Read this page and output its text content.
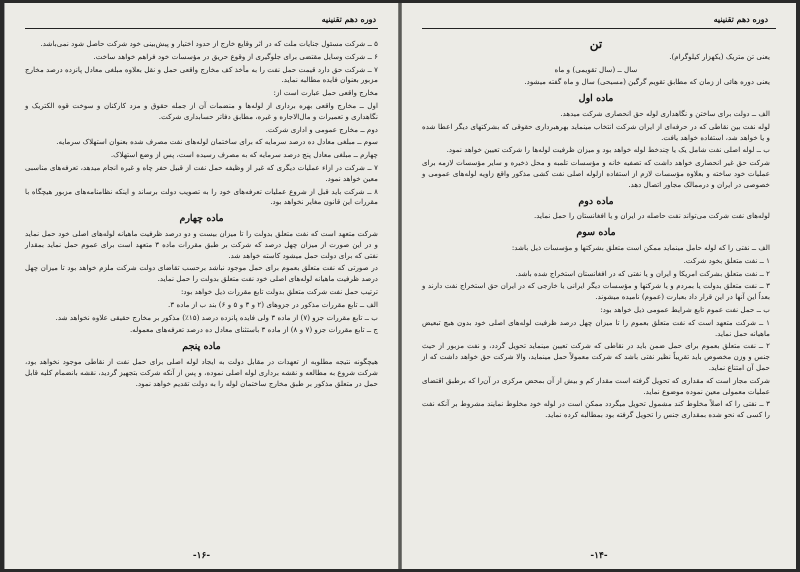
دوره دهم تقنینیه

۵ ــ شرکت مسئول جنایات ملت که در اثر وقایع خارج از حدود اختیار و پیش‌بینی خود شرکت حاصل شود نمی‌باشد.

۶ ــ شرکت وسایل مقتضی برای جلوگیری از وقوع حریق در مؤسسات خود فراهم خواهد ساخت.

۷ ــ شرکت حق دارد قیمت حمل نفت را به مأخذ کف مخارج واقعی حمل و نقل بعلاوه مبلغی معادل پانزده درصد مخارج مزبور بعنوان فایده مطالبه نماید.

مخارج واقعی حمل عبارت است از:

اول ــ مخارج واقعی بهره برداری از لوله‌ها و منضمات آن از جمله حقوق و مزد کارکنان و سوخت قوه الکتریک و نگاهداری و تعمیرات و مال‌الاجاره و غیره، مطابق دفاتر حسابداری شرکت.

دوم ــ مخارج عمومی و اداری شرکت.

سوم ــ مبلغی معادل ده درصد سرمایه که برای ساختمان لوله‌های نفت مصرف شده بعنوان استهلاک سرمایه.

چهارم ــ مبلغی معادل پنج درصد سرمایه که به مصرف رسیده است، پس از وضع استهلاک.

۷ ــ شرکت در ازاء عملیات دیگری که غیر از وظیفه حمل نفت از قبیل حفر چاه و غیره انجام میدهد، تعرفه‌های مناسبی معین خواهد نمود.

۸ ــ شرکت باید قبل از شروع عملیات تعرفه‌های خود را به تصویب دولت برساند و اینکه نظامنامه‌های مزبور هیچگاه با مقررات این قانون مغایر نخواهد بود.

ماده چهارم

شرکت متعهد است که نفت متعلق بدولت را تا میزان بیست و دو درصد ظرفیت ماهیانه لوله‌های اصلی خود حمل نماید و در این صورت از میزان چهل درصد که شرکت بر طبق مقررات ماده ۳ متعهد است برای عموم حمل نماید بمقدار نفتی که برای دولت حمل میشود کاسته خواهد شد.

در صورتی که نفت متعلق بعموم برای حمل موجود نباشد برحسب تقاضای دولت شرکت ملزم خواهد بود تا میزان چهل درصد ظرفیت ماهیانه لوله‌های اصلی خود نفت متعلق بدولت را حمل نماید.

ترتیب حمل نفت شرکت متعلق بدولت تابع مقررات ذیل خواهد بود:

الف ــ تابع مقررات مذکور در جزوهای (۲ و ۳ و ۵ و ۶) بند ب از ماده ۳.

ب ــ تابع مقررات جزو (۷) از ماده ۳ ولی فایده پانزده درصد (۱۵٪) مذکور بر مخارج حقیقی علاوه نخواهد شد.

ج ــ تابع مقررات جزو (۷ و ۸) از ماده ۳ باستثنای معادل ده درصد تعرفه‌های معموله.

ماده پنجم

هیچگونه نتیجه مطلوبه از تعهدات در مقابل دولت به ایجاد لوله اصلی برای حمل نفت از نقاطی موجود نخواهد بود، شرکت شروع به مطالعه و نقشه برداری لوله اصلی نموده، و پس از آنکه شرکت بتجهیز گردید، نقشه بانضمام کلیه قابل حمل در متعلق مذکور بر طبق مخارج ساختمان لوله را به دولت تقدیم خواهد نمود.

-۱۶-
دوره دهم تقنینیه

تن

یعنی تن متریک (یکهزار کیلوگرام).

سال ــ (سال تقویمی) و ماه

یعنی دوره هائی از زمان که مطابق تقویم گرگین (مسیحی) سال و ماه گفته میشود.

ماده اول

الف ــ دولت برای ساختن و نگاهداری لوله حق انحصاری شرکت میدهد.

لوله نفت بین نقاطی که در حرفه‌ای از ایران شرکت انتخاب مینماید بهرهبرداری حقوقی که بشرکتهای دیگر اعطا شده و یا خواهد شد، استفاده خواهد یافت.

ب ــ لوله اصلی نفت شامل یک یا چندخط لوله خواهد بود و میزان ظرفیت لوله‌ها را شرکت تعیین خواهد نمود.

شرکت حق غیر انحصاری خواهد داشت که تصفیه خانه و مؤسسات تلمبه و محل ذخیره و سایر مؤسسات لازمه برای عملیات خود ساخته و بعلاوه مؤسسات لازم از استفاده ازلوله اصلی نفت کشی مذکور واقع زاویه لوله‌های عمومی و خصوصی در ایران و درممالک مجاور اتصال دهد.

ماده دوم

لوله‌های نفت شرکت می‌تواند نفت حاصله در ایران و یا افغانستان را حمل نماید.

ماده سوم

الف ــ نفتی را که لوله حامل مینماید ممکن است متعلق بشرکتها و مؤسسات ذیل باشد:

۱ ــ نفت متعلق بخود شرکت.

۲ ــ نفت متعلق بشرکت امریکا و ایران و یا نفتی که در افغانستان استخراج شده باشد.

۳ ــ نفت متعلق بدولت یا بمردم و یا شرکتها و مؤسسات دیگر ایرانی یا خارجی که در ایران حق استخراج نفت دارند و بعداً این آنها در این قرار داد بعبارت (عموم) نامیده میشوند.

ب ــ حمل نفت عموم تابع شرایط عمومی ذیل خواهد بود:

۱ ــ شرکت متعهد است که نفت متعلق بعموم را تا میزان چهل درصد ظرفیت لوله‌های اصلی خود بدون هیچ تبعیض ماهیانه حمل نماید.

۲ ــ نفت متعلق بعموم برای حمل ضمن باید در نقاطی که شرکت تعیین مینماید تحویل گردد، و نفت مزبور از حیث جنس و وزن مخصوص باید تقریباً نظیر نفتی باشد که شرکت معمولاً حمل مینماید، والا شرکت حق خواهد داشت که از حمل آن امتناع نماید.

شرکت مجاز است که مقداری که تحویل گرفته است مقدار کم و بیش از آن بمحض مرکزی در آن‌را که برطبق اقتضای عملیات معمولی معین نموده موضوع نماید.

۳ ــ نفتی را که اصلاً مخلوط کند مشمول تحویل میگردد ممکن است در لوله خود مخلوط نمایند مشروط بر آنکه نفت را کسی که نحو شده بمقداری جنس را تحویل گرفته بود بمطالبه کرده نماید.

-۱۴-
